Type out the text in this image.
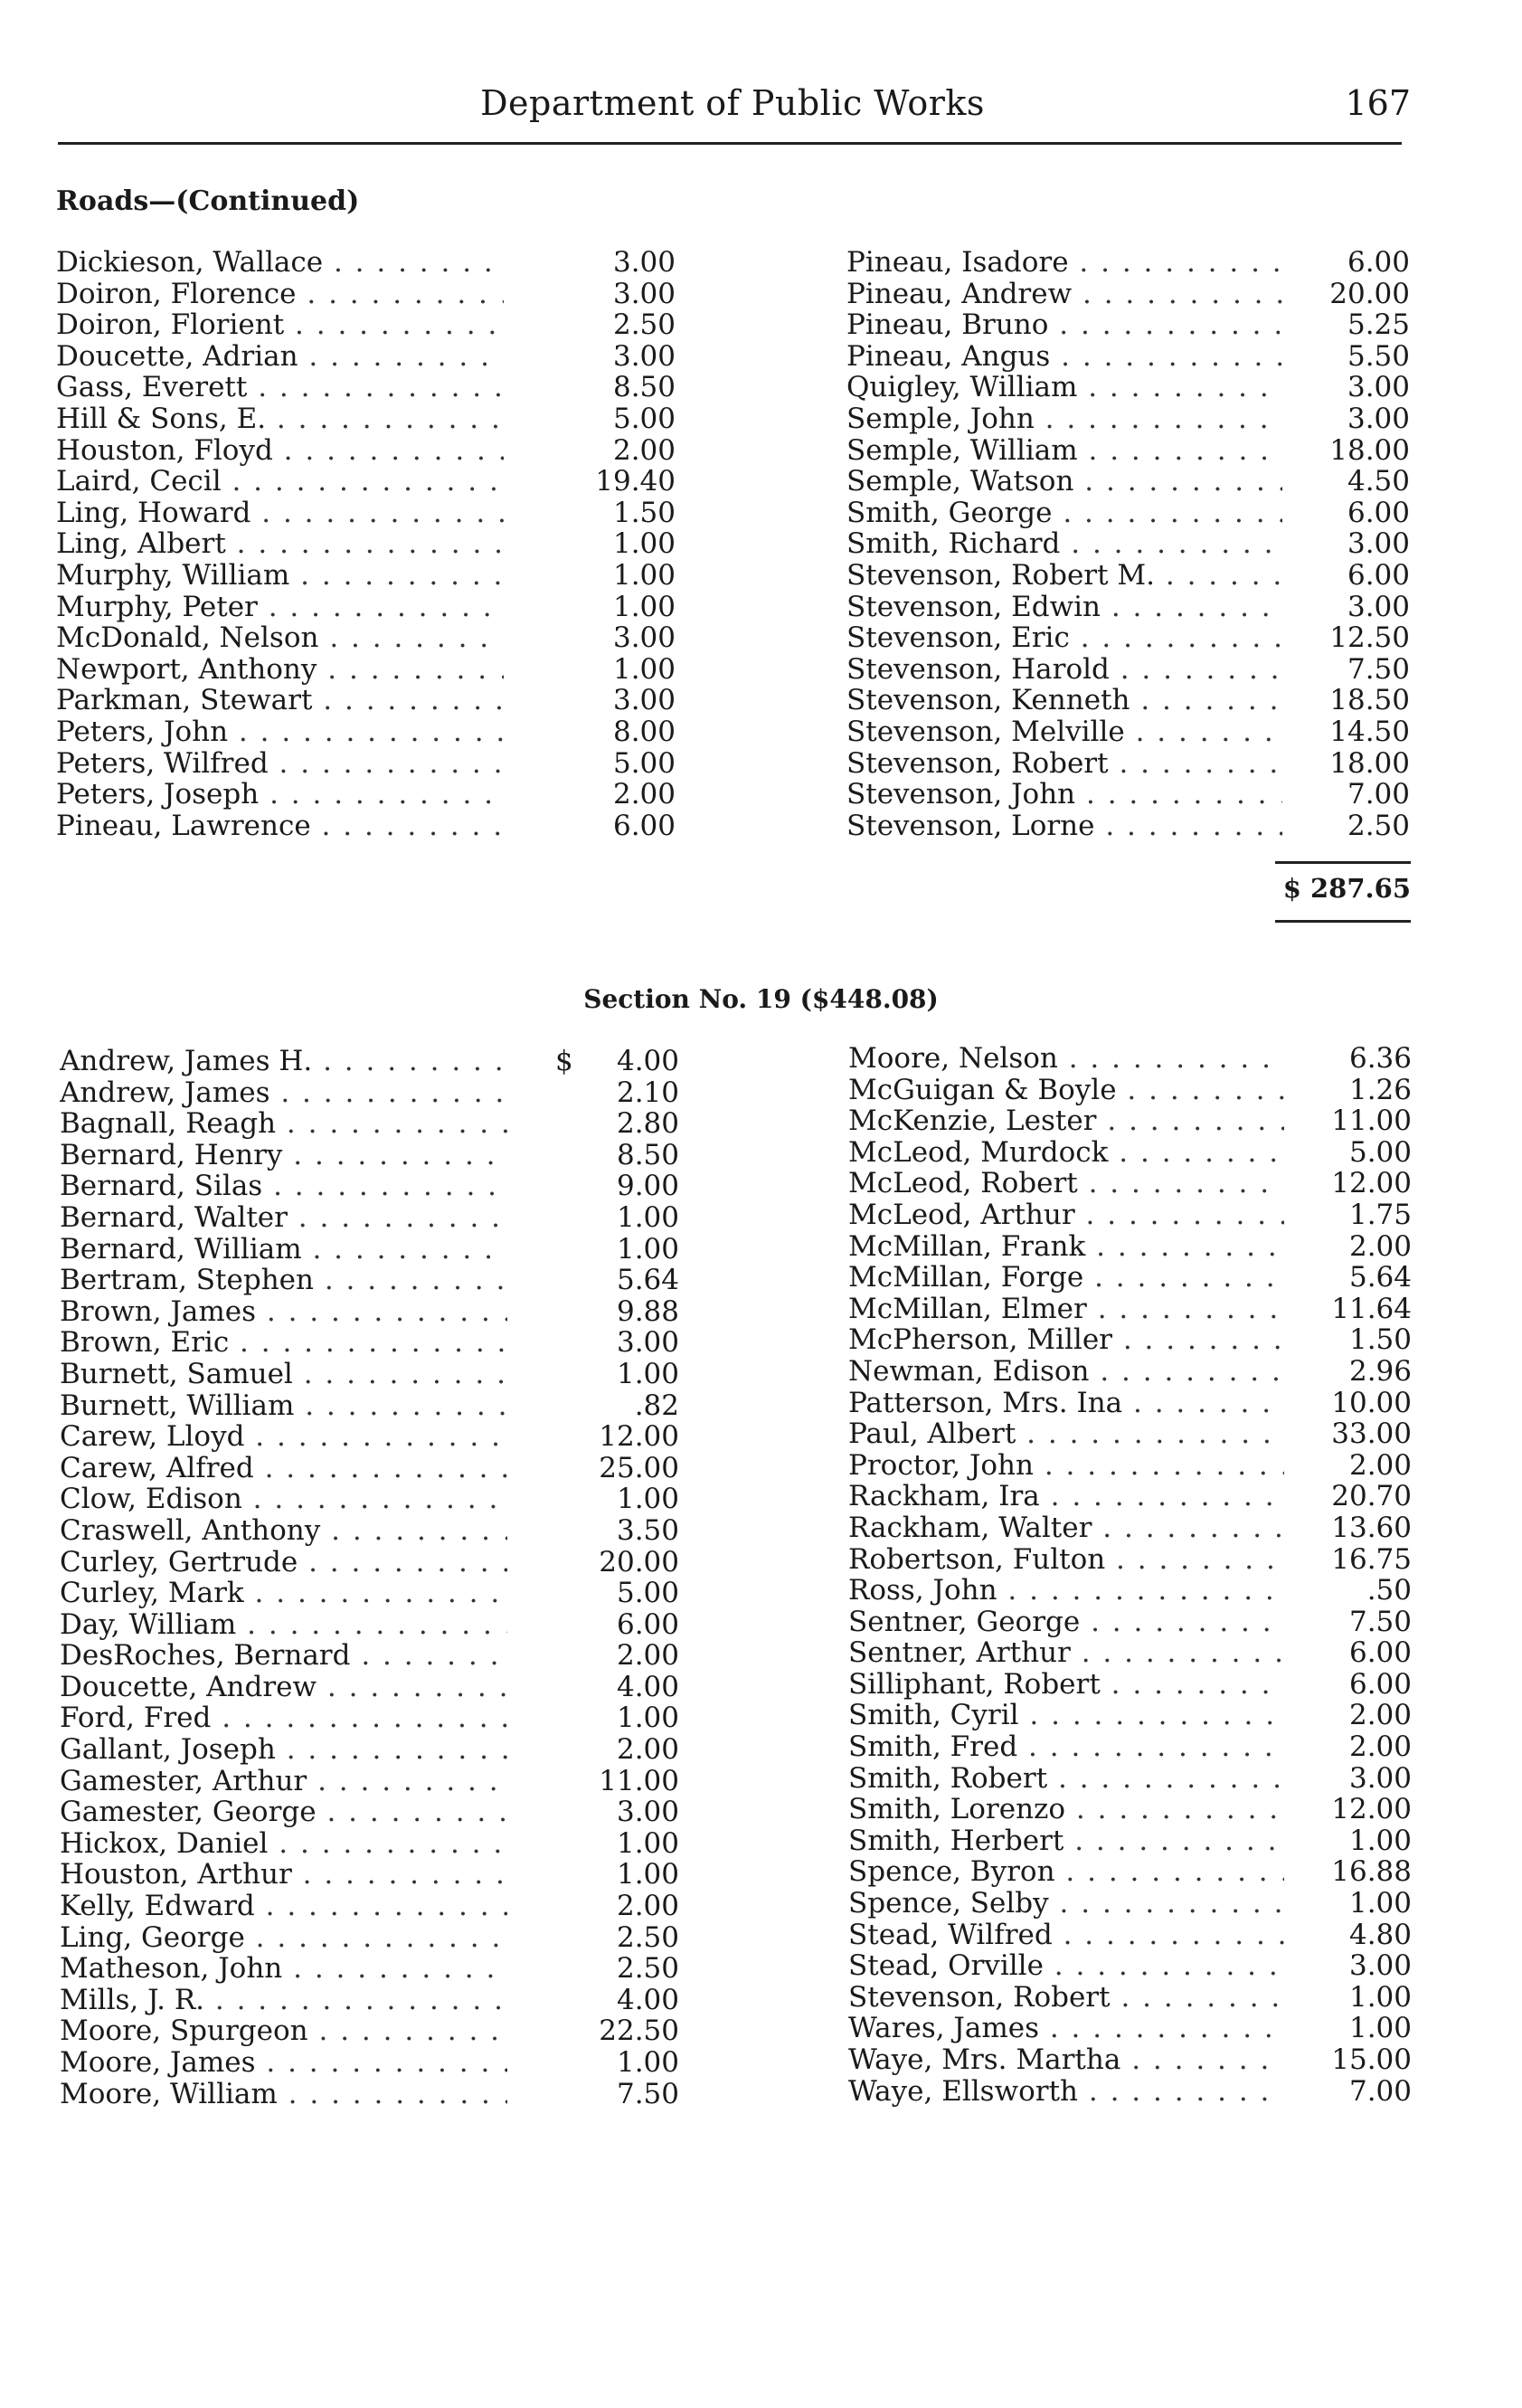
Department of Public Works	167
Roads—(Continued)
Dickieson, Wallace . . .	3.00
Doiron, Florence . . .	3.00
Doiron, Florient . . .	2.50
Doucette, Adrian . . .	3.00
Gass, Everett . . .	8.50
Hill & Sons, E. . . .	5.00
Houston, Floyd . . .	2.00
Laird, Cecil . . .	19.40
Ling, Howard . . .	1.50
Ling, Albert . . .	1.00
Murphy, William . . .	1.00
Murphy, Peter . . .	1.00
McDonald, Nelson . . .	3.00
Newport, Anthony . . .	1.00
Parkman, Stewart . . .	3.00
Peters, John . . .	8.00
Peters, Wilfred . . .	5.00
Peters, Joseph . . .	2.00
Pineau, Lawrence . . .	6.00
Pineau, Isadore . . .	6.00
Pineau, Andrew . . .	20.00
Pineau, Bruno . . .	5.25
Pineau, Angus . . .	5.50
Quigley, William . . .	3.00
Semple, John . . .	3.00
Semple, William . . .	18.00
Semple, Watson . . .	4.50
Smith, George . . .	6.00
Smith, Richard . . .	3.00
Stevenson, Robert M. . . .	6.00
Stevenson, Edwin . . .	3.00
Stevenson, Eric . . .	12.50
Stevenson, Harold . . .	7.50
Stevenson, Kenneth . . .	18.50
Stevenson, Melville . . .	14.50
Stevenson, Robert . . .	18.00
Stevenson, John . . .	7.00
Stevenson, Lorne . . .	2.50
$ 287.65
Section No. 19 ($448.08)
Andrew, James H. . . .	$	4.00
Andrew, James . . .	2.10
Bagnall, Reagh . . .	2.80
Bernard, Henry . . .	8.50
Bernard, Silas . . .	9.00
Bernard, Walter . . .	1.00
Bernard, William . . .	1.00
Bertram, Stephen . . .	5.64
Brown, James . . .	9.88
Brown, Eric . . .	3.00
Burnett, Samuel . . .	1.00
Burnett, William . . .	.82
Carew, Lloyd . . .	12.00
Carew, Alfred . . .	25.00
Clow, Edison . . .	1.00
Craswell, Anthony . . .	3.50
Curley, Gertrude . . .	20.00
Curley, Mark . . .	5.00
Day, William . . .	6.00
DesRoches, Bernard . . .	2.00
Doucette, Andrew . . .	4.00
Ford, Fred . . .	1.00
Gallant, Joseph . . .	2.00
Gamester, Arthur . . .	11.00
Gamester, George . . .	3.00
Hickox, Daniel . . .	1.00
Houston, Arthur . . .	1.00
Kelly, Edward . . .	2.00
Ling, George . . .	2.50
Matheson, John . . .	2.50
Mills, J. R. . . .	4.00
Moore, Spurgeon . . .	22.50
Moore, James . . .	1.00
Moore, William . . .	7.50
Moore, Nelson . . .	6.36
McGuigan & Boyle . . .	1.26
McKenzie, Lester . . .	11.00
McLeod, Murdock . . .	5.00
McLeod, Robert . . .	12.00
McLeod, Arthur . . .	1.75
McMillan, Frank . . .	2.00
McMillan, Forge . . .	5.64
McMillan, Elmer . . .	11.64
McPherson, Miller . . .	1.50
Newman, Edison . . .	2.96
Patterson, Mrs. Ina . . .	10.00
Paul, Albert . . .	33.00
Proctor, John . . .	2.00
Rackham, Ira . . .	20.70
Rackham, Walter . . .	13.60
Robertson, Fulton . . .	16.75
Ross, John . . .	.50
Sentner, George . . .	7.50
Sentner, Arthur . . .	6.00
Silliphant, Robert . . .	6.00
Smith, Cyril . . .	2.00
Smith, Fred . . .	2.00
Smith, Robert . . .	3.00
Smith, Lorenzo . . .	12.00
Smith, Herbert . . .	1.00
Spence, Byron . . .	16.88
Spence, Selby . . .	1.00
Stead, Wilfred . . .	4.80
Stead, Orville . . .	3.00
Stevenson, Robert . . .	1.00
Wares, James . . .	1.00
Waye, Mrs. Martha . . .	15.00
Waye, Ellsworth . . .	7.00
